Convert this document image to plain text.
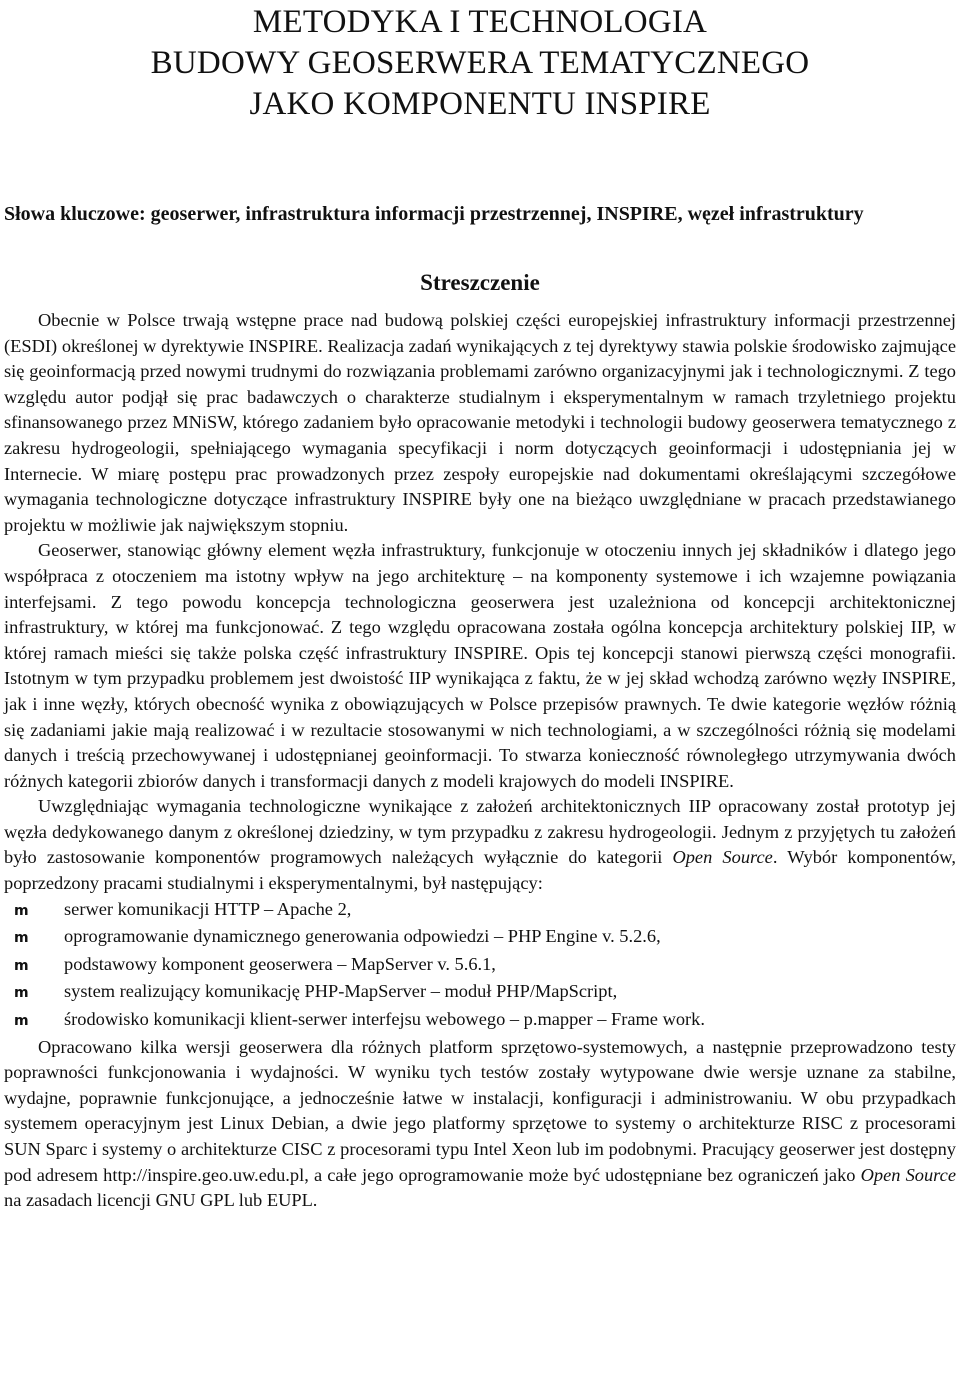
METODYKA I TECHNOLOGIA
BUDOWY GEOSERWERA TEMATYCZNEGO
JAKO KOMPONENTU INSPIRE

Słowa kluczowe: geoserwer, infrastruktura informacji przestrzennej, INSPIRE, węzeł infrastruktury

Streszczenie

Obecnie w Polsce trwają wstępne prace nad budową polskiej części europejskiej infrastruktury informacji przestrzennej (ESDI) określonej w dyrektywie INSPIRE. Realizacja zadań wynikających z tej dyrektywy stawia polskie środowisko zajmujące się geoinformacją przed nowymi trudnymi do rozwiązania problemami zarówno organizacyjnymi jak i technologicznymi. Z tego względu autor podjął się prac badawczych o charakterze studialnym i eksperymentalnym w ramach trzyletniego projektu sfinansowanego przez MNiSW, którego zadaniem było opracowanie metodyki i technologii budowy geoserwera tematycznego z zakresu hydrogeologii, spełniającego wymagania specyfikacji i norm dotyczących geoinformacji i udostępniania jej w Internecie. W miarę postępu prac prowadzonych przez zespoły europejskie nad dokumentami określającymi szczegółowe wymagania technologiczne dotyczące infrastruktury INSPIRE były one na bieżąco uwzględniane w pracach przedstawianego projektu w możliwie jak największym stopniu.

Geoserwer, stanowiąc główny element węzła infrastruktury, funkcjonuje w otoczeniu innych jej składników i dlatego jego współpraca z otoczeniem ma istotny wpływ na jego architekturę – na komponenty systemowe i ich wzajemne powiązania interfejsami. Z tego powodu koncepcja technologiczna geoserwera jest uzależniona od koncepcji architektonicznej infrastruktury, w której ma funkcjonować. Z tego względu opracowana została ogólna koncepcja architektury polskiej IIP, w której ramach mieści się także polska część infrastruktury INSPIRE. Opis tej koncepcji stanowi pierwszą części monografii. Istotnym w tym przypadku problemem jest dwoistość IIP wynikająca z faktu, że w jej skład wchodzą zarówno węzły INSPIRE, jak i inne węzły, których obecność wynika z obowiązujących w Polsce przepisów prawnych. Te dwie kategorie węzłów różnią się zadaniami jakie mają realizować i w rezultacie stosowanymi w nich technologiami, a w szczególności różnią się modelami danych i treścią przechowywanej i udostępnianej geoinformacji. To stwarza konieczność równoległego utrzymywania dwóch różnych kategorii zbiorów danych i transformacji danych z modeli krajowych do modeli INSPIRE.

Uwzględniając wymagania technologiczne wynikające z założeń architektonicznych IIP opracowany został prototyp jej węzła dedykowanego danym z określonej dziedziny, w tym przypadku z zakresu hydrogeologii. Jednym z przyjętych tu założeń było zastosowanie komponentów programowych należących wyłącznie do kategorii Open Source. Wybór komponentów, poprzedzony pracami studialnymi i eksperymentalnymi, był następujący:

m	serwer komunikacji HTTP – Apache 2,
m	oprogramowanie dynamicznego generowania odpowiedzi – PHP Engine v. 5.2.6,
m	podstawowy komponent geoserwera – MapServer v. 5.6.1,
m	system realizujący komunikację PHP-MapServer – moduł PHP/MapScript,
m	środowisko komunikacji klient-serwer interfejsu webowego – p.mapper – Frame work.

Opracowano kilka wersji geoserwera dla różnych platform sprzętowo-systemowych, a następnie przeprowadzono testy poprawności funkcjonowania i wydajności. W wyniku tych testów zostały wytypowane dwie wersje uznane za stabilne, wydajne, poprawnie funkcjonujące, a jednocześnie łatwe w instalacji, konfiguracji i administrowaniu. W obu przypadkach systemem operacyjnym jest Linux Debian, a dwie jego platformy sprzętowe to systemy o architekturze RISC z procesorami SUN Sparc i systemy o architekturze CISC z procesorami typu Intel Xeon lub im podobnymi. Pracujący geoserwer jest dostępny pod adresem http://inspire.geo.uw.edu.pl, a całe jego oprogramowanie może być udostępniane bez ograniczeń jako Open Source na zasadach licencji GNU GPL lub EUPL.
